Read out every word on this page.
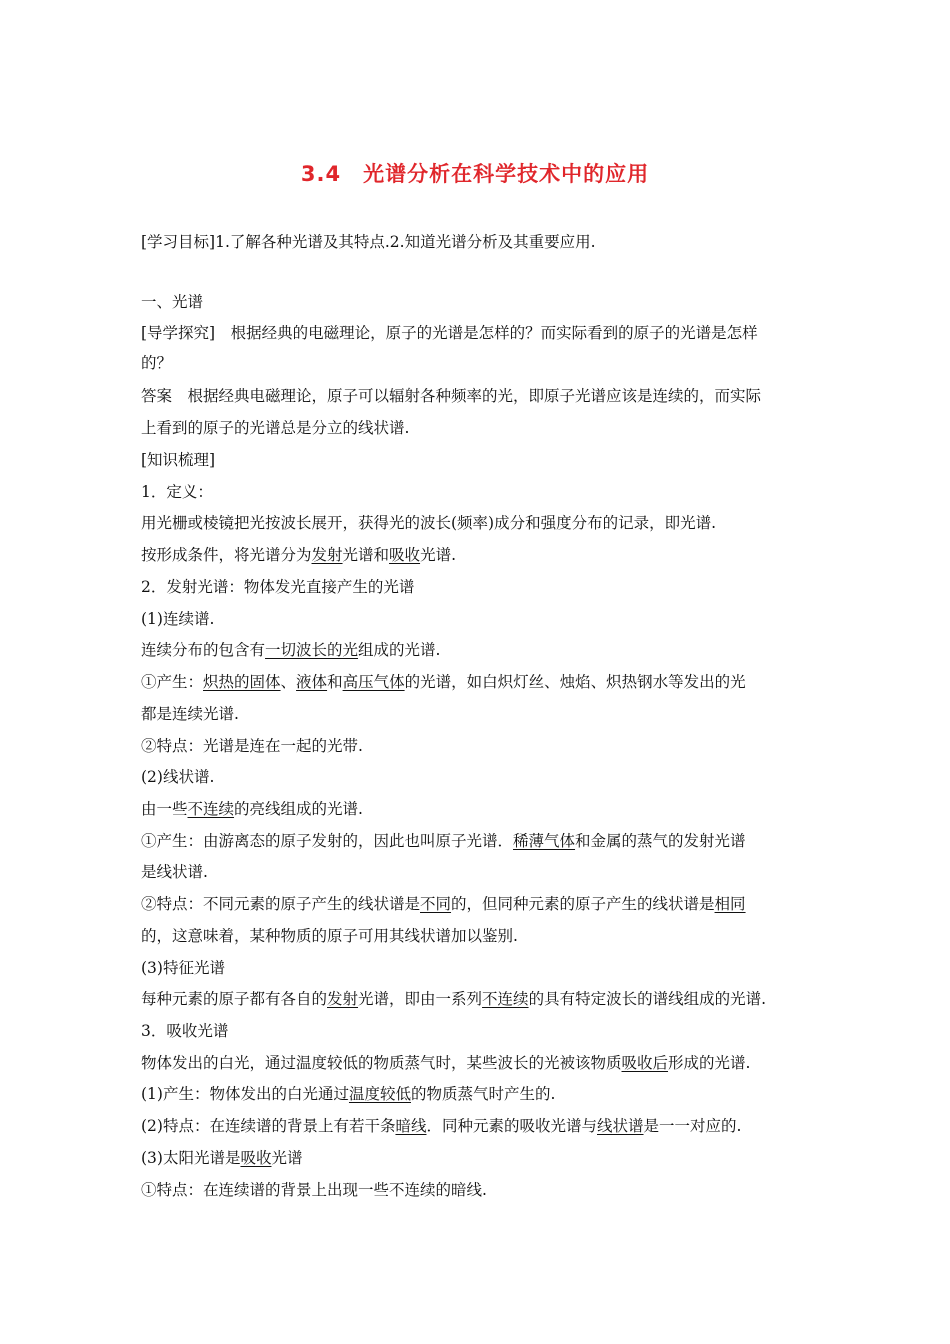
3.4　光谱分析在科学技术中的应用
[学习目标]1.了解各种光谱及其特点.2.知道光谱分析及其重要应用.
一、光谱
[导学探究]　根据经典的电磁理论，原子的光谱是怎样的？而实际看到的原子的光谱是怎样
的？
答案　根据经典电磁理论，原子可以辐射各种频率的光，即原子光谱应该是连续的，而实际
上看到的原子的光谱总是分立的线状谱.
[知识梳理]
1．定义：
用光栅或棱镜把光按波长展开，获得光的波长(频率)成分和强度分布的记录，即光谱.
按形成条件，将光谱分为发射光谱和吸收光谱.
2．发射光谱：物体发光直接产生的光谱
(1)连续谱.
连续分布的包含有一切波长的光组成的光谱.
①产生：炽热的固体、液体和高压气体的光谱，如白炽灯丝、烛焰、炽热钢水等发出的光
都是连续光谱.
②特点：光谱是连在一起的光带.
(2)线状谱.
由一些不连续的亮线组成的光谱.
①产生：由游离态的原子发射的，因此也叫原子光谱．稀薄气体和金属的蒸气的发射光谱
是线状谱.
②特点：不同元素的原子产生的线状谱是不同的，但同种元素的原子产生的线状谱是相同
的，这意味着，某种物质的原子可用其线状谱加以鉴别.
(3)特征光谱
每种元素的原子都有各自的发射光谱，即由一系列不连续的具有特定波长的谱线组成的光谱.
3．吸收光谱
物体发出的白光，通过温度较低的物质蒸气时，某些波长的光被该物质吸收后形成的光谱.
(1)产生：物体发出的白光通过温度较低的物质蒸气时产生的.
(2)特点：在连续谱的背景上有若干条暗线．同种元素的吸收光谱与线状谱是一一对应的.
(3)太阳光谱是吸收光谱
①特点：在连续谱的背景上出现一些不连续的暗线.
